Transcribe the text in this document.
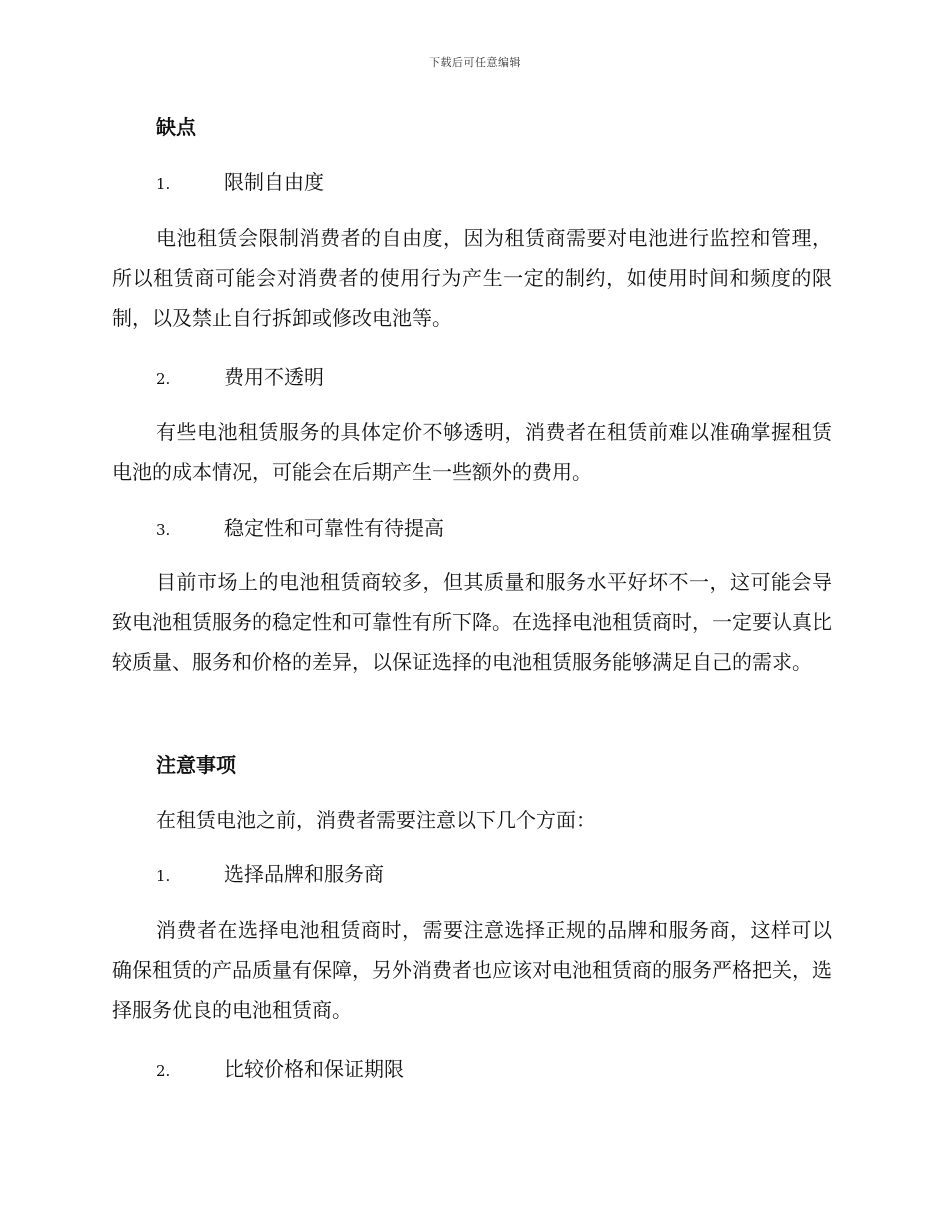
下载后可任意编辑
缺点
1.	限制自由度
电池租赁会限制消费者的自由度，因为租赁商需要对电池进行监控和管理，所以租赁商可能会对消费者的使用行为产生一定的制约，如使用时间和频度的限制，以及禁止自行拆卸或修改电池等。
2.	费用不透明
有些电池租赁服务的具体定价不够透明，消费者在租赁前难以准确掌握租赁电池的成本情况，可能会在后期产生一些额外的费用。
3.	稳定性和可靠性有待提高
目前市场上的电池租赁商较多，但其质量和服务水平好坏不一，这可能会导致电池租赁服务的稳定性和可靠性有所下降。在选择电池租赁商时，一定要认真比较质量、服务和价格的差异，以保证选择的电池租赁服务能够满足自己的需求。
注意事项
在租赁电池之前，消费者需要注意以下几个方面：
1.	选择品牌和服务商
消费者在选择电池租赁商时，需要注意选择正规的品牌和服务商，这样可以确保租赁的产品质量有保障，另外消费者也应该对电池租赁商的服务严格把关，选择服务优良的电池租赁商。
2.	比较价格和保证期限
